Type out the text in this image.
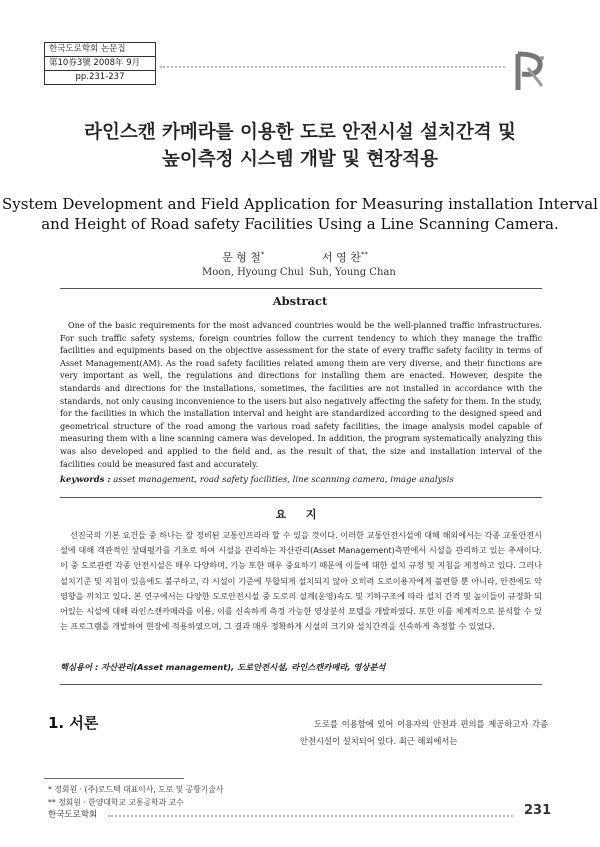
한국도로학회 논문집
第10券3號 2008年 9月
pp.231-237
라인스캔 카메라를 이용한 도로 안전시설 설치간격 및
높이측정 시스템 개발 및 현장적용
System Development and Field Application for Measuring installation Interval
and Height of Road safety Facilities Using a Line Scanning Camera.
문 형 철*	서 영 찬**
Moon, Hyoung Chul Suh, Young Chan
Abstract
One of the basic requirements for the most advanced countries would be the well-planned traffic infrastructures. For such traffic safety systems, foreign countries follow the current tendency to which they manage the traffic facilities and equipments based on the objective assessment for the state of every traffic safety facility in terms of Asset Management(AM). As the road safety facilities related among them are very diverse, and their functions are very important as well, the regulations and directions for installing them are enacted. However, despite the standards and directions for the installations, sometimes, the facilities are not installed in accordance with the standards, not only causing inconvenience to the users but also negatively affecting the safety for them. In the study, for the facilities in which the installation interval and height are standardized according to the designed speed and geometrical structure of the road among the various road safety facilities, the image analysis model capable of measuring them with a line scanning camera was developed. In addition, the program systematically analyzing this was also developed and applied to the field and, as the result of that, the size and installation interval of the facilities could be measured fast and accurately.
keywords : asset management, road safety facilities, line scanning camera, image analysis
요 지
선진국의 기본 요건들 중 하나는 잘 정비된 교통인프라라 할 수 있을 것이다. 이러한 교통안전시설에 대해 해외에서는 각종 교통안전시설에 대해 객관적인 상태평가를 기초로 하여 시설을 관리하는 자산관리(Asset Management)측면에서 시설을 관리하고 있는 추세이다. 이 중 도로관련 각종 안전시설은 매우 다양하며, 기능 또한 매우 중요하기 때문에 이들에 대한 설치 규정 및 지침을 제정하고 있다. 그러나 설치기준 및 지침이 있음에도 불구하고, 각 시설이 기준에 부합되게 설치되지 않아 오히려 도로이용자에게 불편함 뿐 아니라, 안전에도 악영향을 끼치고 있다. 본 연구에서는 다양한 도로안전시설 중 도로의 설계(운영)속도 및 기하구조에 따라 설치 간격 및 높이들이 규정화 되어있는 시설에 대해 라인스캔카메라를 이용, 이를 신속하게 측정 가능한 영상분석 모델을 개발하였다. 또한 이를 체계적으로 분석할 수 있는 프로그램을 개발하여 현장에 적용하였으며, 그 결과 매우 정확하게 시설의 크기와 설치간격을 신속하게 측정할 수 있었다.
핵심용어 : 자산관리(Asset management), 도로안전시설, 라인스캔카메라, 영상분석
1. 서론	도로를 이용함에 있어 이용자의 안전과 편의를 제공하고자 각종 안전시설이 설치되어 있다. 최근 해외에서는
* 정회원 · (주)로드텍 대표이사, 도로 및 공항기술사
** 정회원 · 한양대학교 교통공학과 교수
한국도로학회	231
